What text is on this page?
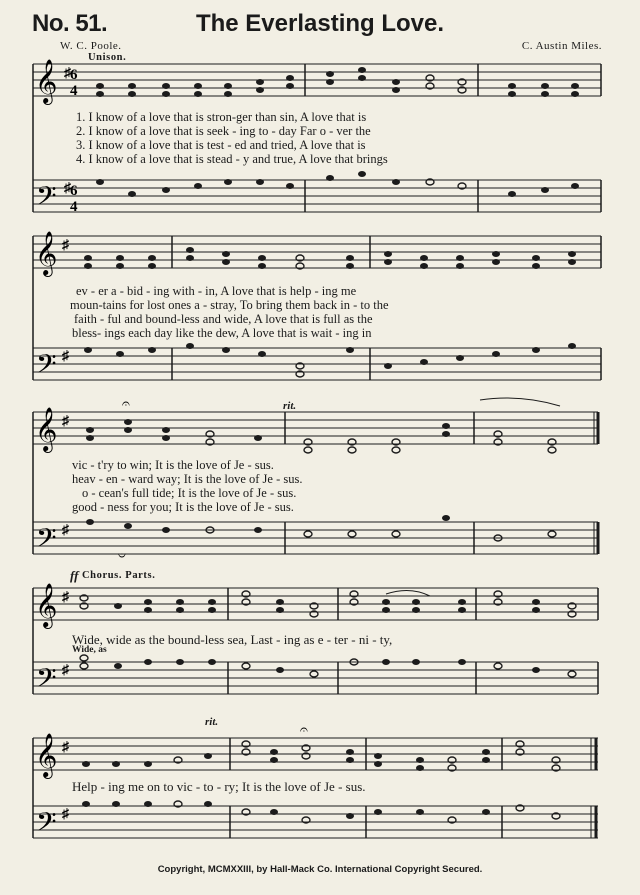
No. 51.	The Everlasting Love.
W. C. Poole.	C. Austin Miles.
Unison.
𝄞
𝄢
♯ 6
4
♯ 6
4
1. I know of a love that is stron-ger than sin, A love that is
2. I know of a love that is seek - ing to - day Far o - ver the
3. I know of a love that is test - ed and tried, A love that is
4. I know of a love that is stead - y and true, A love that brings
𝄞
𝄢
♯
♯
ev - er a - bid - ing with - in, A love that is help - ing me
moun-tains for lost ones a - stray, To bring them back in - to the
faith - ful and bound-less and wide, A love that is full as the
bless- ings each day like the dew, A love that is wait - ing in
rit.
𝄞
𝄢
♯
♯
𝄐
𝄑
vic - t'ry to win; It is the love of Je - sus.
heav - en - ward way; It is the love of Je - sus.
o - cean's full tide; It is the love of Je - sus.
good - ness for you; It is the love of Je - sus.
ff Chorus. Parts.
𝄞
𝄢
♯
♯
Wide, wide as the bound-less sea, Last - ing as e - ter - ni - ty,
Wide, as
rit.
𝄞
𝄢
♯
♯
𝄐
Help - ing me on to vic - to - ry; It is the love of Je - sus.
Copyright, MCMXXIII, by Hall-Mack Co. International Copyright Secured.
